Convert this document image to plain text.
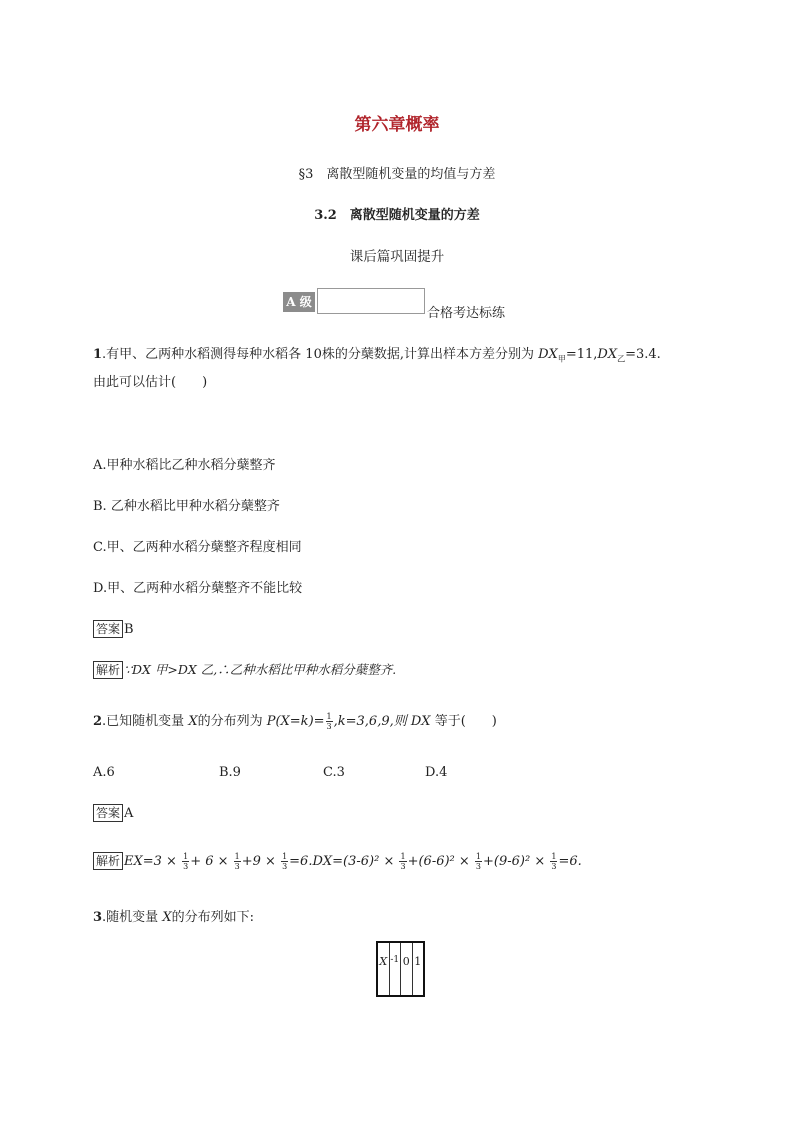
第六章概率
§3　离散型随机变量的均值与方差
3.2　离散型随机变量的方差
课后篇巩固提升
A 级
合格考达标练
1.有甲、乙两种水稻测得每种水稻各 10株的分蘖数据,计算出样本方差分别为 $DX_甲=11,DX_乙=3.4$.
由此可以估计(　　)
A.甲种水稻比乙种水稻分蘖整齐
B. 乙种水稻比甲种水稻分蘖整齐
C.甲、乙两种水稻分蘖整齐程度相同
D.甲、乙两种水稻分蘖整齐不能比较
答案 B
解析 ∵DX 甲>DX 乙,∴乙种水稻比甲种水稻分蘖整齐.
2.已知随机变量 X的分布列为 $P(X=k)= \frac{1}{3} ,k=3,6,9$,则 DX 等于(　　)
A.6	B.9	C.3	D.4
答案 A
解析 $EX=3 \times \frac{1}{3} + 6 \times \frac{1}{3} +9 \times \frac{1}{3} =6.DX=(3-6)^2 \times \frac{1}{3} +(6-6)^2 \times \frac{1}{3} +(9-6)^2 \times \frac{1}{3} =6$.
3.随机变量 X的分布列如下:
X -1 0 1
